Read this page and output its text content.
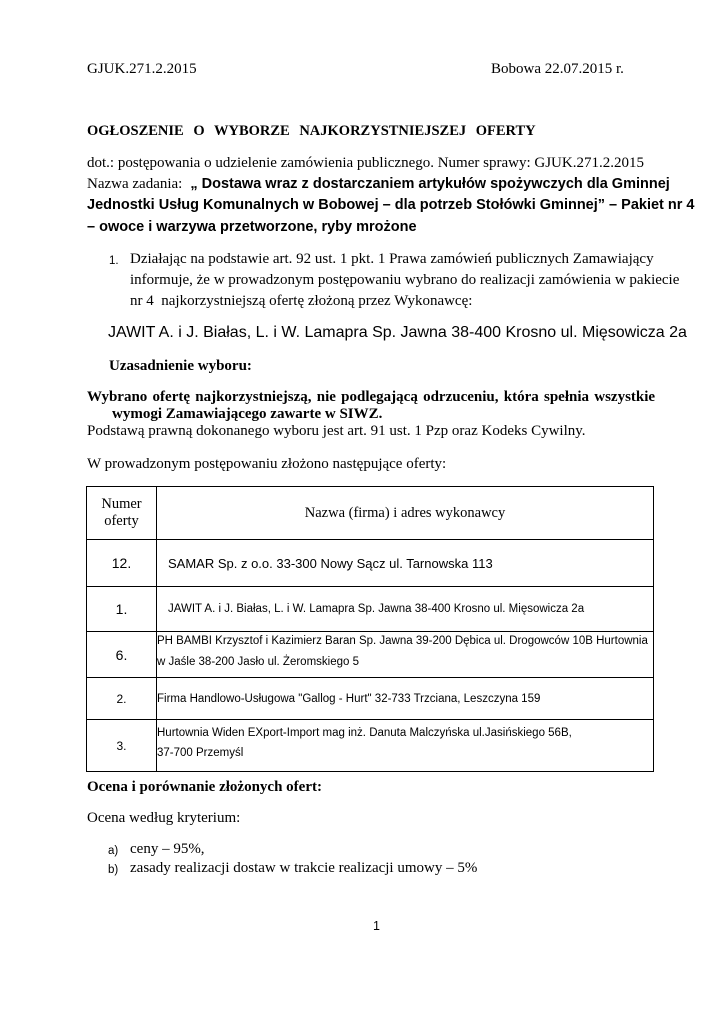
GJUK.271.2.2015	Bobowa 22.07.2015 r.
OGŁOSZENIE O WYBORZE NAJKORZYSTNIEJSZEJ OFERTY
dot.: postępowania o udzielenie zamówienia publicznego. Numer sprawy: GJUK.271.2.2015
Nazwa zadania: „ Dostawa wraz z dostarczaniem artykułów spożywczych dla Gminnej
Jednostki Usług Komunalnych w Bobowej – dla potrzeb Stołówki Gminnej” – Pakiet nr 4
– owoce i warzywa przetworzone, ryby mrożone
1. Działając na podstawie art. 92 ust. 1 pkt. 1 Prawa zamówień publicznych Zamawiający
informuje, że w prowadzonym postępowaniu wybrano do realizacji zamówienia w pakiecie
nr 4  najkorzystniejszą ofertę złożoną przez Wykonawcę:
JAWIT A. i J. Białas, L. i W. Lamapra Sp. Jawna 38-400 Krosno ul. Mięsowicza 2a
Uzasadnienie wyboru:
Wybrano ofertę najkorzystniejszą, nie podlegającą odrzuceniu, która spełnia wszystkie
wymogi Zamawiającego zawarte w SIWZ.
Podstawą prawną dokonanego wyboru jest art. 91 ust. 1 Pzp oraz Kodeks Cywilny.
W prowadzonym postępowaniu złożono następujące oferty:
Numer
oferty	Nazwa (firma) i adres wykonawcy
12.	SAMAR Sp. z o.o. 33-300 Nowy Sącz ul. Tarnowska 113
1.	JAWIT A. i J. Białas, L. i W. Lamapra Sp. Jawna 38-400 Krosno ul. Mięsowicza 2a
6.	PH BAMBI Krzysztof i Kazimierz Baran Sp. Jawna 39-200 Dębica ul. Drogowców 10B Hurtownia
w Jaśle 38-200 Jasło ul. Żeromskiego 5

2.	Firma Handlowo-Usługowa "Gallog - Hurt" 32-733 Trzciana, Leszczyna 159
3.	Hurtownia Widen EXport-Import mag inż. Danuta Malczyńska ul.Jasińskiego 56B,
37-700 Przemyśl
Ocena i porównanie złożonych ofert:
Ocena według kryterium:
a) ceny – 95%,
b) zasady realizacji dostaw w trakcie realizacji umowy – 5%
1
